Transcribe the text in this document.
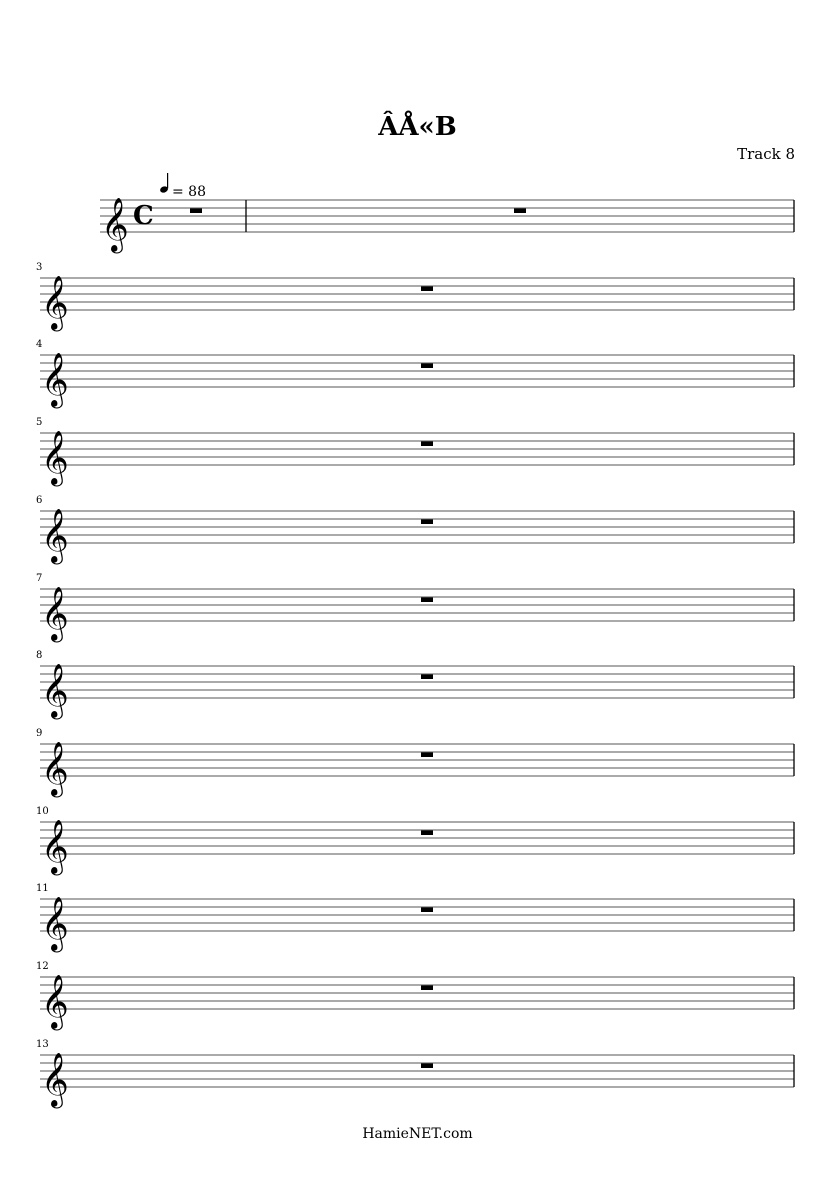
ÂÅ«B
Track 8
𝄞 C
= 88
𝄞
3
𝄞
4
𝄞
5
𝄞
6
𝄞
7
𝄞
8
𝄞
9
𝄞
10
𝄞
11
𝄞
12
𝄞
13
HamieNET.com
